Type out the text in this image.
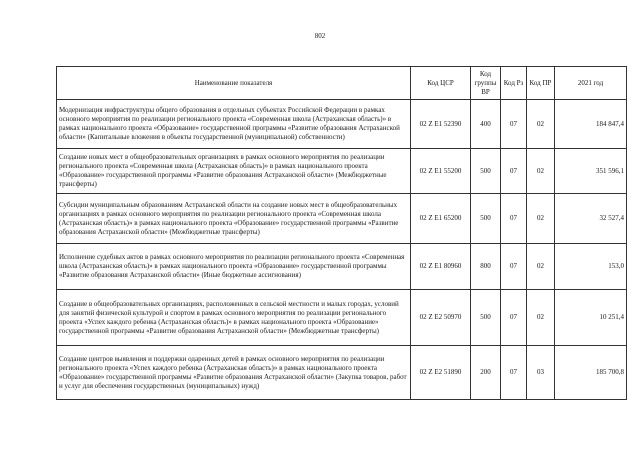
802
Наименование показателя	Код ЦСР	Код группы ВР	Код Рз	Код ПР	2021 год
Модернизация инфраструктуры общего образования в отдельных субъектах Российской Федерации в рамках основного мероприятия по реализации регионального проекта «Современная школа (Астраханская область)» в рамках национального проекта «Образование» государственной программы «Развитие образования Астраханской области» (Капитальные вложения в объекты государственной (муниципальной) собственности)	02 Z E1 52390	400	07	02	184 847,4
Создание новых мест в общеобразовательных организациях в рамках основного мероприятия по реализации регионального проекта «Современная школа (Астраханская область)» в рамках национального проекта «Образование» государственной программы «Развитие образования Астраханской области» (Межбюджетные трансферты)	02 Z E1 55200	500	07	02	351 596,1
Субсидии муниципальным образованиям Астраханской области на создание новых мест в общеобразовательных организациях в рамках основного мероприятия по реализации регионального проекта «Современная школа (Астраханская область)» в рамках национального проекта «Образование» государственной программы «Развитие образования Астраханской области» (Межбюджетные трансферты)	02 Z E1 65200	500	07	02	32 527,4
Исполнение судебных актов в рамках основного мероприятия по реализации регионального проекта «Современная школа (Астраханская область)» в рамках национального проекта «Образование» государственной программы «Развитие образования Астраханской области» (Иные бюджетные ассигнования)	02 Z E1 80960	800	07	02	153,0
Создание в общеобразовательных организациях, расположенных в сельской местности и малых городах, условий для занятий физической культурой и спортом в рамках основного мероприятия по реализации регионального проекта «Успех каждого ребенка (Астраханская область)» в рамках национального проекта «Образование» государственной программы «Развитие образования Астраханской области» (Межбюджетные трансферты)	02 Z E2 50970	500	07	02	10 251,4
Создание центров выявления и поддержки одаренных детей в рамках основного мероприятия по реализации регионального проекта «Успех каждого ребенка (Астраханская область)» в рамках национального проекта «Образование» государственной программы «Развитие образования Астраханской области» (Закупка товаров, работ и услуг для обеспечения государственных (муниципальных) нужд)	02 Z E2 51890	200	07	03	185 700,8
